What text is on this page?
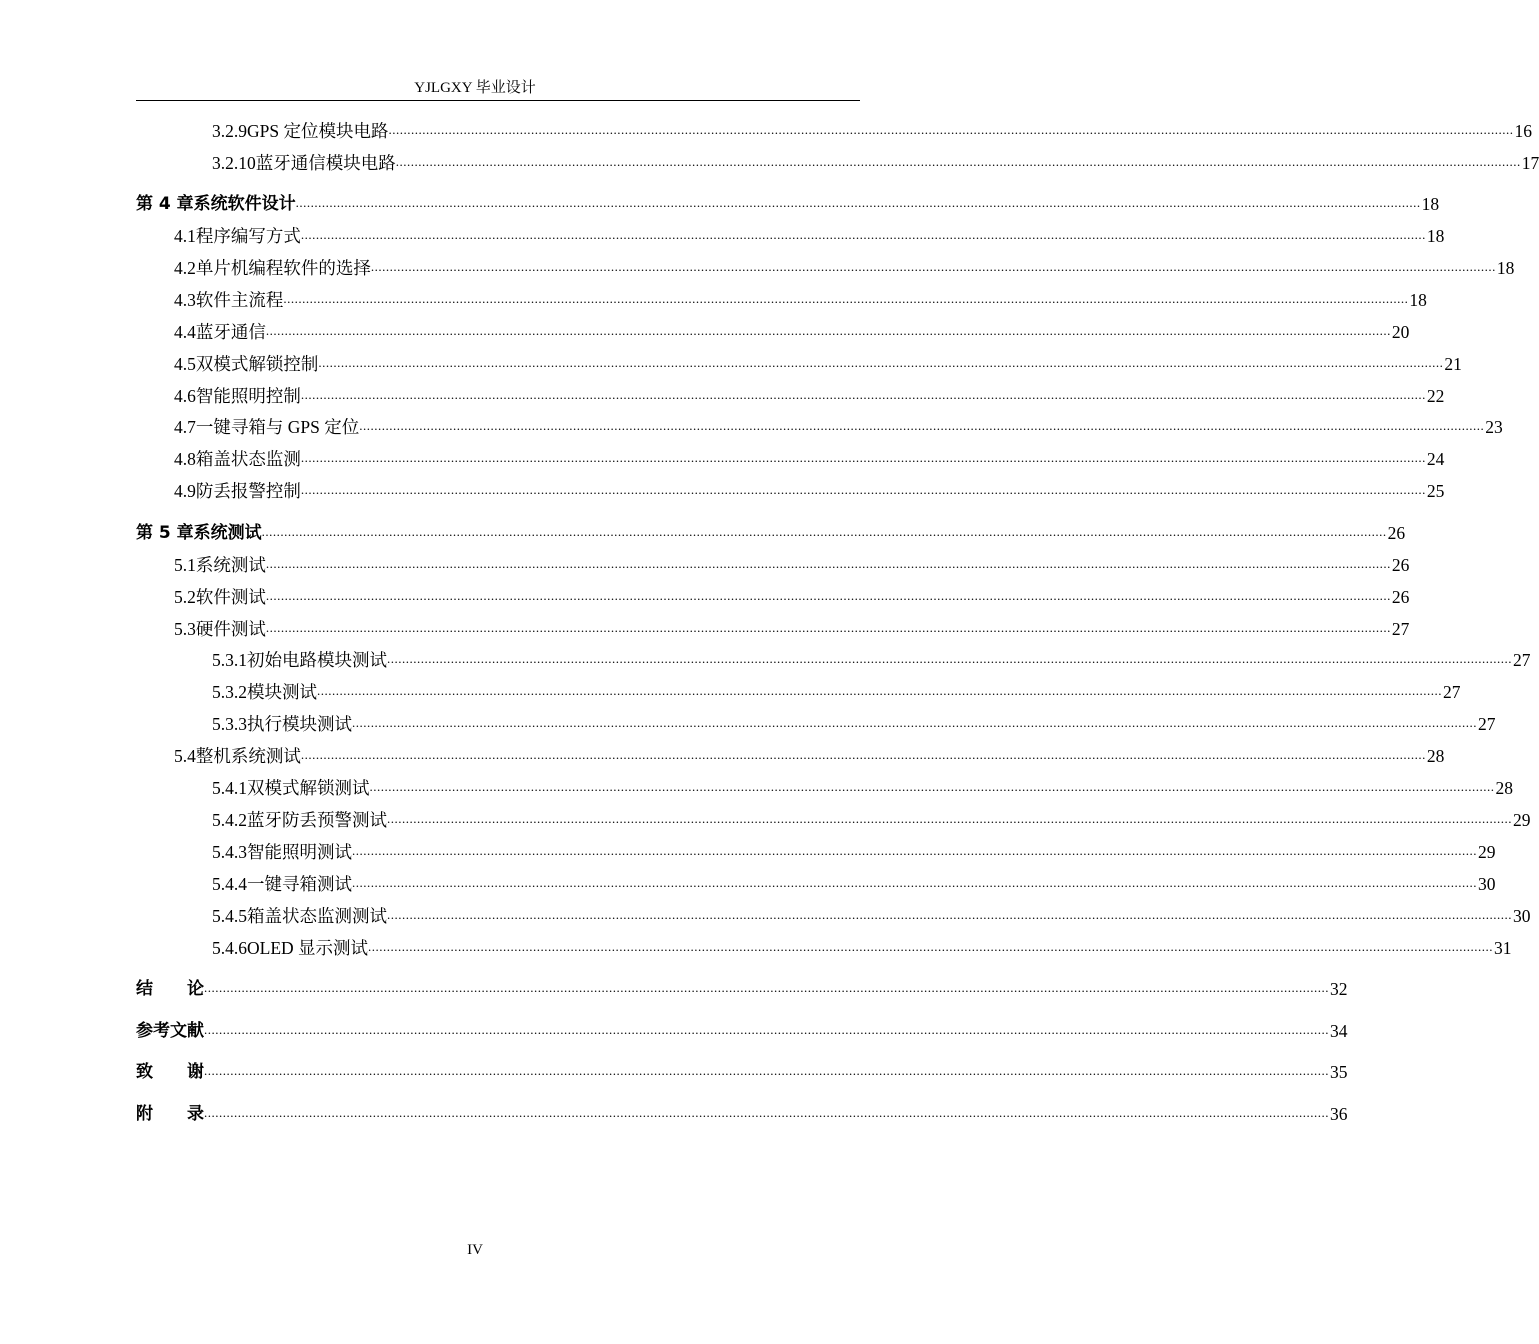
YJLGXY 毕业设计
3.2.9 GPS 定位模块电路 ............................................................................................................................................................................................................................................................................................................ 16
3.2.10 蓝牙通信模块电路 ............................................................................................................................................................................................................................................................................................................ 17
第 4 章 系统软件设计 ............................................................................................................................................................................................................................................................................................................ 18
4.1 程序编写方式 ............................................................................................................................................................................................................................................................................................................ 18
4.2 单片机编程软件的选择 ............................................................................................................................................................................................................................................................................................................ 18
4.3 软件主流程 ............................................................................................................................................................................................................................................................................................................ 18
4.4 蓝牙通信 ............................................................................................................................................................................................................................................................................................................ 20
4.5 双模式解锁控制 ............................................................................................................................................................................................................................................................................................................ 21
4.6 智能照明控制 ............................................................................................................................................................................................................................................................................................................ 22
4.7 一键寻箱与 GPS 定位 ............................................................................................................................................................................................................................................................................................................ 23
4.8 箱盖状态监测 ............................................................................................................................................................................................................................................................................................................ 24
4.9 防丢报警控制 ............................................................................................................................................................................................................................................................................................................ 25
第 5 章 系统测试 ............................................................................................................................................................................................................................................................................................................ 26
5.1 系统测试 ............................................................................................................................................................................................................................................................................................................ 26
5.2 软件测试 ............................................................................................................................................................................................................................................................................................................ 26
5.3 硬件测试 ............................................................................................................................................................................................................................................................................................................ 27
5.3.1 初始电路模块测试 ............................................................................................................................................................................................................................................................................................................ 27
5.3.2 模块测试 ............................................................................................................................................................................................................................................................................................................ 27
5.3.3 执行模块测试 ............................................................................................................................................................................................................................................................................................................ 27
5.4 整机系统测试 ............................................................................................................................................................................................................................................................................................................ 28
5.4.1 双模式解锁测试 ............................................................................................................................................................................................................................................................................................................ 28
5.4.2 蓝牙防丢预警测试 ............................................................................................................................................................................................................................................................................................................ 29
5.4.3 智能照明测试 ............................................................................................................................................................................................................................................................................................................ 29
5.4.4 一键寻箱测试 ............................................................................................................................................................................................................................................................................................................ 30
5.4.5 箱盖状态监测测试 ............................................................................................................................................................................................................................................................................................................ 30
5.4.6 OLED 显示测试 ............................................................................................................................................................................................................................................................................................................ 31
结　　论 ............................................................................................................................................................................................................................................................................................................ 32
参考文献 ............................................................................................................................................................................................................................................................................................................ 34
致　　谢 ............................................................................................................................................................................................................................................................................................................ 35
附　　录 ............................................................................................................................................................................................................................................................................................................ 36
IV
